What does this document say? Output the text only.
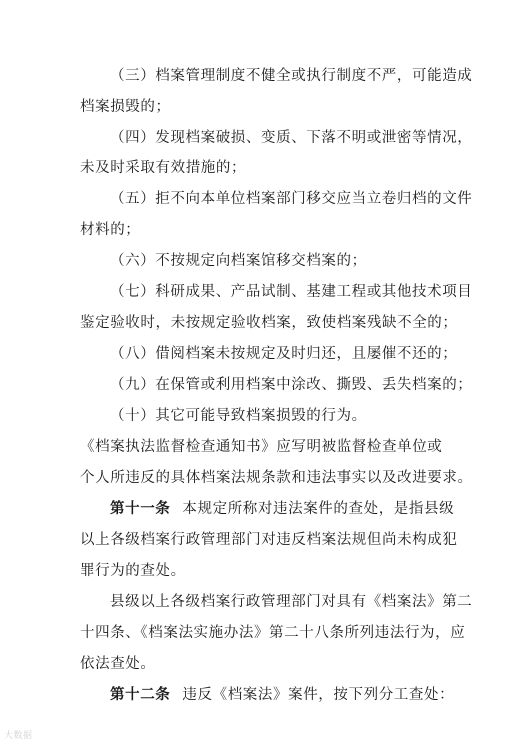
（三）档案管理制度不健全或执行制度不严，可能造成
档案损毁的；
（四）发现档案破损、变质、下落不明或泄密等情况，
未及时采取有效措施的；
（五）拒不向本单位档案部门移交应当立卷归档的文件
材料的；
（六）不按规定向档案馆移交档案的；
（七）科研成果、产品试制、基建工程或其他技术项目
鉴定验收时，未按规定验收档案，致使档案残缺不全的；
（八）借阅档案未按规定及时归还，且屡催不还的；
（九）在保管或利用档案中涂改、撕毁、丢失档案的；
（十）其它可能导致档案损毁的行为。
《档案执法监督检查通知书》应写明被监督检查单位或
个人所违反的具体档案法规条款和违法事实以及改进要求。
第十一条 本规定所称对违法案件的查处，是指县级
以上各级档案行政管理部门对违反档案法规但尚未构成犯
罪行为的查处。
县级以上各级档案行政管理部门对具有《档案法》第二
十四条、《档案法实施办法》第二十八条所列违法行为，应
依法查处。
第十二条 违反《档案法》案件，按下列分工查处：
大数据
